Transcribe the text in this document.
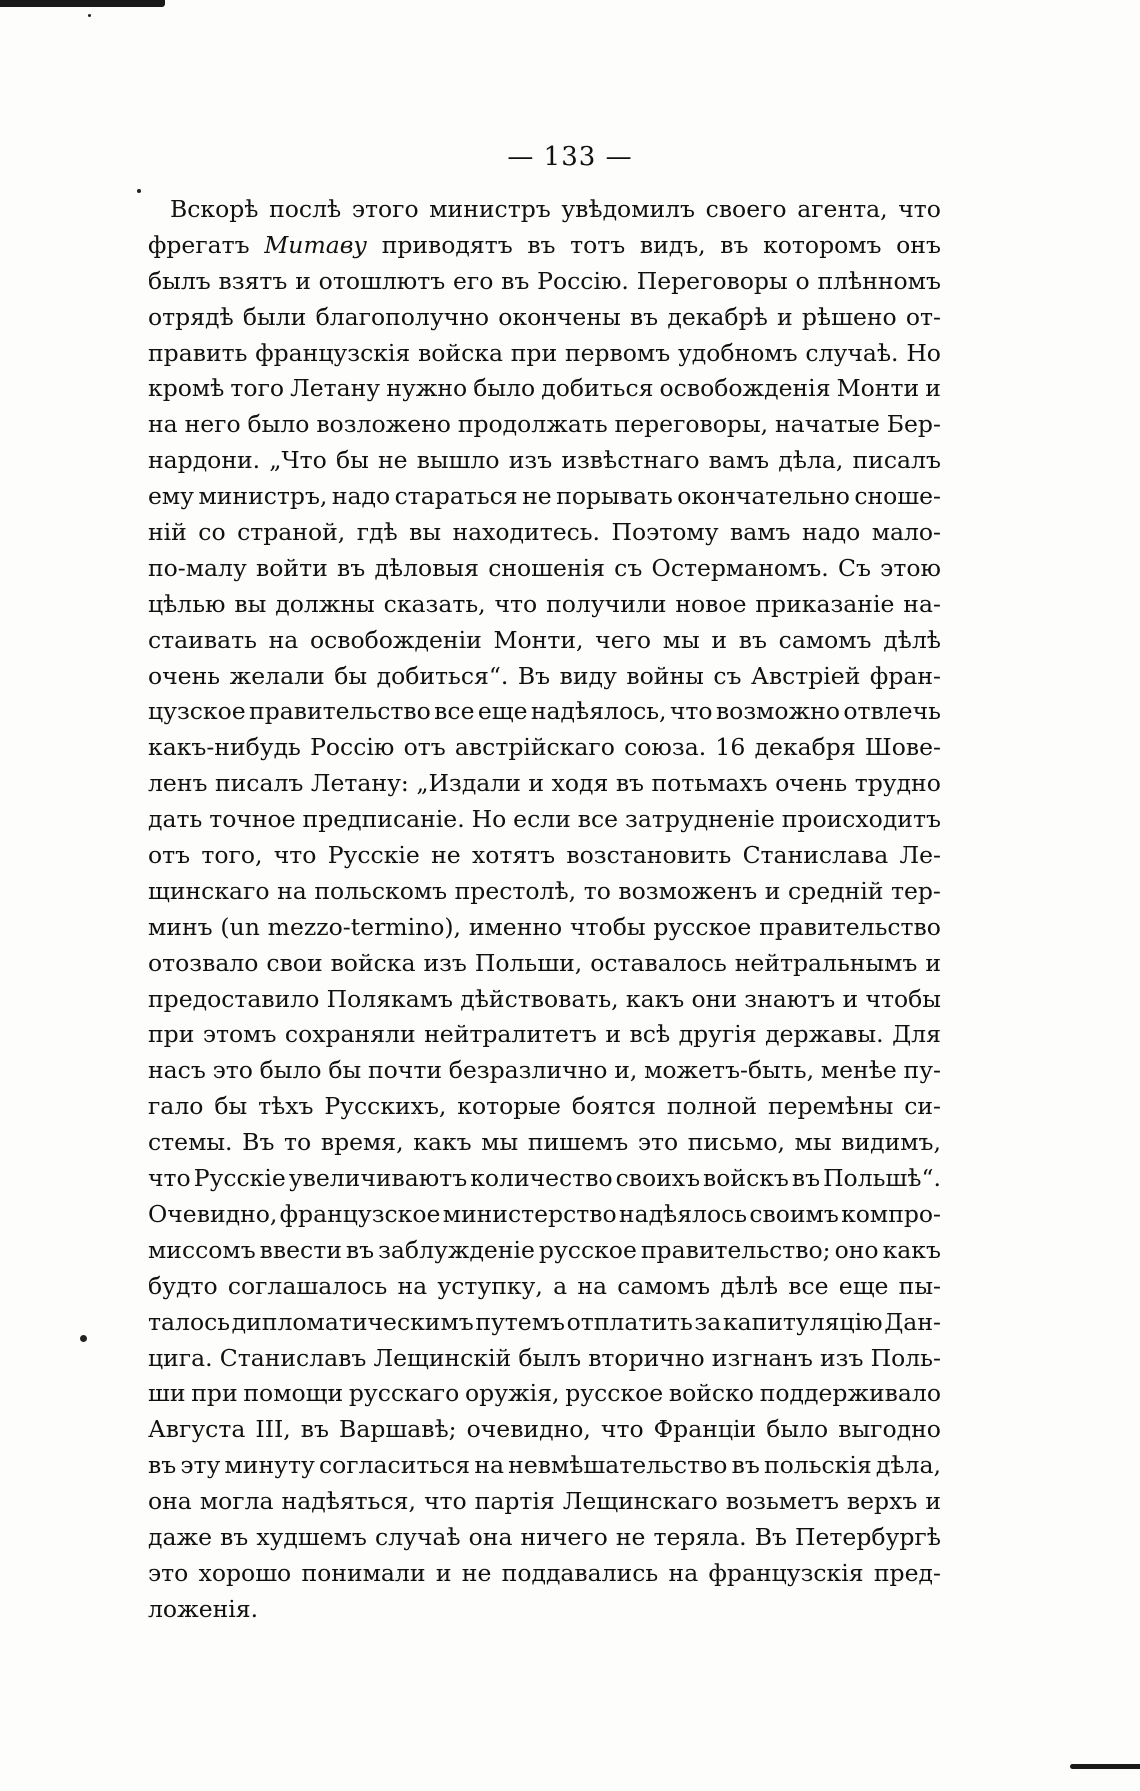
— 133 —
Вскорѣ послѣ этого министръ увѣдомилъ своего агента, что
фрегатъ Митаву приводятъ въ тотъ видъ, въ которомъ онъ
былъ взятъ и отошлютъ его въ Россію. Переговоры о плѣнномъ
отрядѣ были благополучно окончены въ декабрѣ и рѣшено от-
править французскія войска при первомъ удобномъ случаѣ. Но
кромѣ того Летану нужно было добиться освобожденія Монти и
на него было возложено продолжать переговоры, начатые Бер-
нардони. „Что бы не вышло изъ извѣстнаго вамъ дѣла, писалъ
ему министръ, надо стараться не порывать окончательно сноше-
ній со страной, гдѣ вы находитесь. Поэтому вамъ надо мало-
по-малу войти въ дѣловыя сношенія съ Остерманомъ. Съ этою
цѣлью вы должны сказать, что получили новое приказаніе на-
стаивать на освобожденіи Монти, чего мы и въ самомъ дѣлѣ
очень желали бы добиться“. Въ виду войны съ Австріей фран-
цузское правительство все еще надѣялось, что возможно отвлечь
какъ-нибудь Россію отъ австрійскаго союза. 16 декабря Шове-
ленъ писалъ Летану: „Издали и ходя въ потьмахъ очень трудно
дать точное предписаніе. Но если все затрудненіе происходитъ
отъ того, что Русскіе не хотятъ возстановить Станислава Ле-
щинскаго на польскомъ престолѣ, то возможенъ и средній тер-
минъ (un mezzo-termino), именно чтобы русское правительство
отозвало свои войска изъ Польши, оставалось нейтральнымъ и
предоставило Полякамъ дѣйствовать, какъ они знаютъ и чтобы
при этомъ сохраняли нейтралитетъ и всѣ другія державы. Для
насъ это было бы почти безразлично и, можетъ-быть, менѣе пу-
гало бы тѣхъ Русскихъ, которые боятся полной перемѣны си-
стемы. Въ то время, какъ мы пишемъ это письмо, мы видимъ,
что Русскіе увеличиваютъ количество своихъ войскъ въ Польшѣ“.
Очевидно, французское министерство надѣялось своимъ компро-
миссомъ ввести въ заблужденіе русское правительство; оно какъ
будто соглашалось на уступку, а на самомъ дѣлѣ все еще пы-
талось дипломатическимъ путемъ отплатить за капитуляцію Дан-
цига. Станиславъ Лещинскій былъ вторично изгнанъ изъ Поль-
ши при помощи русскаго оружія, русское войско поддерживало
Августа III, въ Варшавѣ; очевидно, что Франціи было выгодно
въ эту минуту согласиться на невмѣшательство въ польскія дѣла,
она могла надѣяться, что партія Лещинскаго возьметъ верхъ и
даже въ худшемъ случаѣ она ничего не теряла. Въ Петербургѣ
это хорошо понимали и не поддавались на французскія пред-
ложенія.
